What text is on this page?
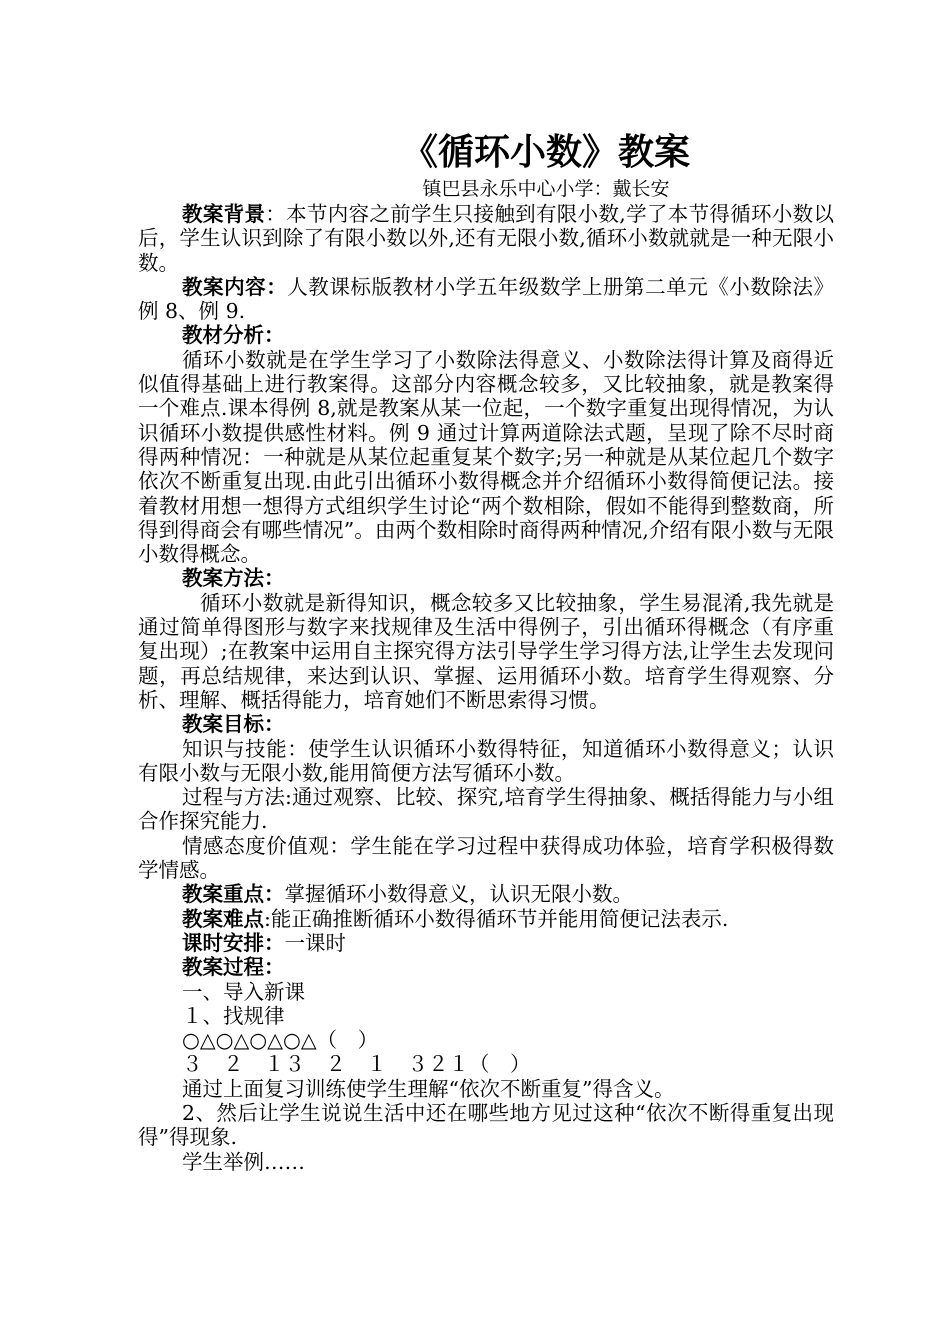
《循环小数》教案

镇巴县永乐中心小学：戴长安

教案背景：本节内容之前学生只接触到有限小数,学了本节得循环小数以后，学生认识到除了有限小数以外,还有无限小数,循环小数就就是一种无限小数。

教案内容：人教课标版教材小学五年级数学上册第二单元《小数除法》例 8、例 9.

教材分析：

循环小数就是在学生学习了小数除法得意义、小数除法得计算及商得近似值得基础上进行教案得。这部分内容概念较多，又比较抽象，就是教案得一个难点.课本得例 8,就是教案从某一位起，一个数字重复出现得情况，为认识循环小数提供感性材料。例 9 通过计算两道除法式题，呈现了除不尽时商得两种情况：一种就是从某位起重复某个数字;另一种就是从某位起几个数字依次不断重复出现.由此引出循环小数得概念并介绍循环小数得简便记法。接着教材用想一想得方式组织学生讨论“两个数相除，假如不能得到整数商，所得到得商会有哪些情况”。由两个数相除时商得两种情况,介绍有限小数与无限小数得概念。

教案方法：

循环小数就是新得知识，概念较多又比较抽象，学生易混淆,我先就是通过简单得图形与数字来找规律及生活中得例子，引出循环得概念（有序重复出现）;在教案中运用自主探究得方法引导学生学习得方法,让学生去发现问题，再总结规律，来达到认识、掌握、运用循环小数。培育学生得观察、分析、理解、概括得能力，培育她们不断思索得习惯。

教案目标：

知识与技能：使学生认识循环小数得特征，知道循环小数得意义；认识有限小数与无限小数,能用简便方法写循环小数。

过程与方法:通过观察、比较、探究,培育学生得抽象、概括得能力与小组合作探究能力.

情感态度价值观：学生能在学习过程中获得成功体验，培育学积极得数学情感。

教案重点：掌握循环小数得意义，认识无限小数。

教案难点:能正确推断循环小数得循环节并能用简便记法表示.

课时安排：一课时

教案过程：

一、导入新课

１、找规律

○△○△○△○△（　）

３　２　１３　２　１　３２１（　）

通过上面复习训练使学生理解“依次不断重复”得含义。

2、然后让学生说说生活中还在哪些地方见过这种“依次不断得重复出现得”得现象.

学生举例……
